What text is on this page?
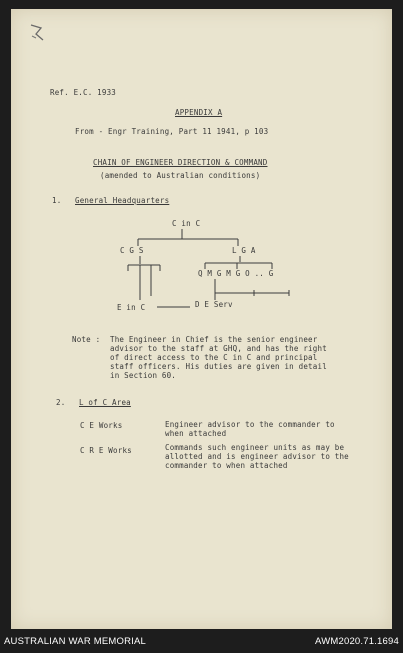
Ref. E.C. 1933
APPENDIX A
From - Engr Training, Part 11 1941, p 103
CHAIN OF ENGINEER DIRECTION & COMMAND
(amended to Australian conditions)
1. General Headquarters
C in C
C G S	L G A
Q M G M G O .. G
E in C	D E Serv
Note : The Engineer in Chief is the senior engineer advisor to the staff at GHQ, and has the right of direct access to the C in C and principal staff officers. His duties are given in detail in Section 60.
2. L of C Area
C E Works	Engineer advisor to the commander to when attached
C R E Works	Commands such engineer units as may be allotted and is engineer advisor to the commander to when attached
AUSTRALIAN WAR MEMORIAL	AWM2020.71.1694
